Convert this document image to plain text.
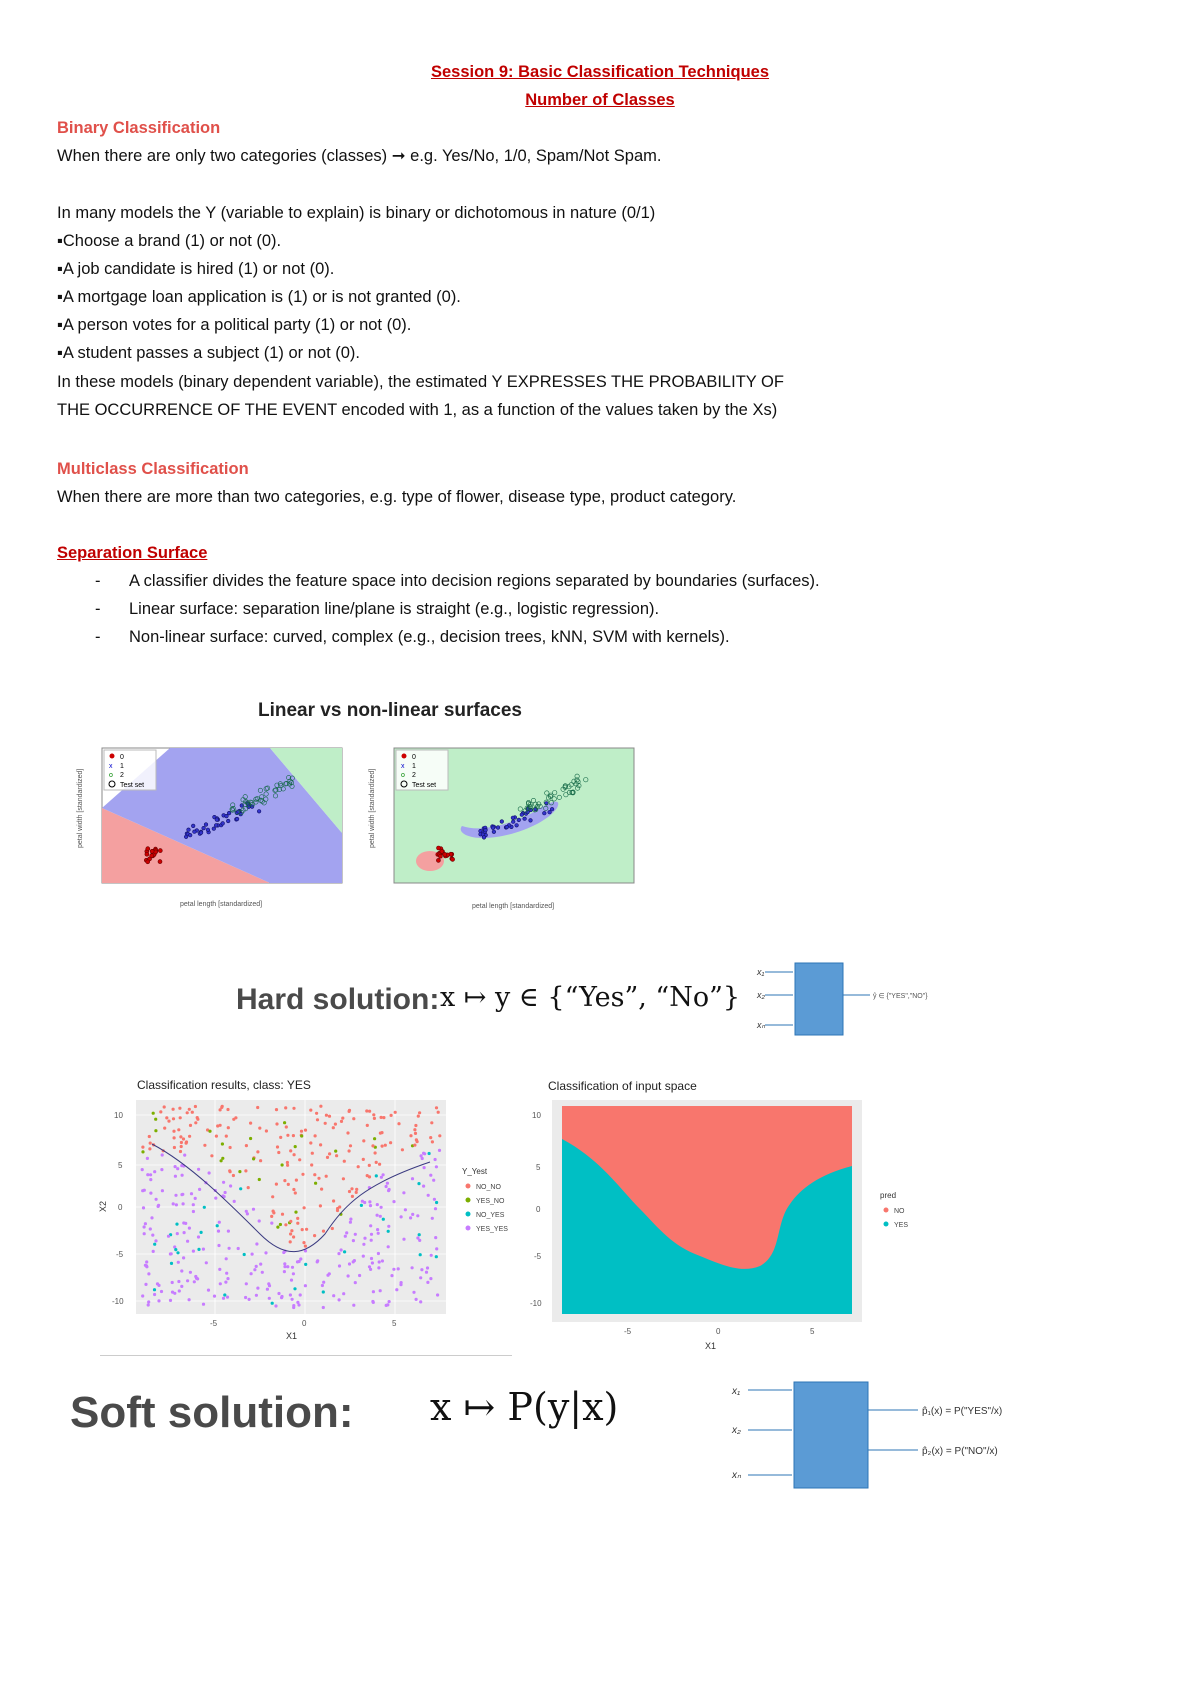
Session 9: Basic Classification Techniques
Number of Classes
Binary Classification
When there are only two categories (classes) ➞ e.g. Yes/No, 1/0, Spam/Not Spam.
In many models the Y (variable to explain) is binary or dichotomous in nature (0/1)
▪Choose a brand (1) or not (0).
▪A job candidate is hired (1) or not (0).
▪A mortgage loan application is (1) or is not granted (0).
▪A person votes for a political party (1) or not (0).
▪A student passes a subject (1) or not (0).
In these models (binary dependent variable), the estimated Y EXPRESSES THE PROBABILITY OF
THE OCCURRENCE OF THE EVENT encoded with 1, as a function of the values taken by the Xs)
Multiclass Classification
When there are more than two categories, e.g. type of flower, disease type, product category.
Separation Surface
- A classifier divides the feature space into decision regions separated by boundaries (surfaces).
- Linear surface: separation line/plane is straight (e.g., logistic regression).
- Non-linear surface: curved, complex (e.g., decision trees, kNN, SVM with kernels).
Linear vs non-linear surfaces
0
x 1
o 2
Test set
petal length [standardized]
petal width [standardized]
0
x 1
o 2
Test set
petal length [standardized]
petal width [standardized]
Hard solution: x ↦ y ∈ {“Yes”, “No”}
x₁
x₂
xₙ
ŷ ∈ {"YES","NO"}
Classification results, class: YES
10
5
0
-5
-10
-5	0	5
X1
X2
Y_Yest
NO_NO
YES_NO
NO_YES
YES_YES
Classification of input space
10
5
0
-5
-10
-5	0	5
X1
pred
NO
YES
Soft solution: x ↦ P(y|x)	x₁
x₂
xₙ
p̂₁(x) = P("YES"/x)
p̂₂(x) = P("NO"/x)
